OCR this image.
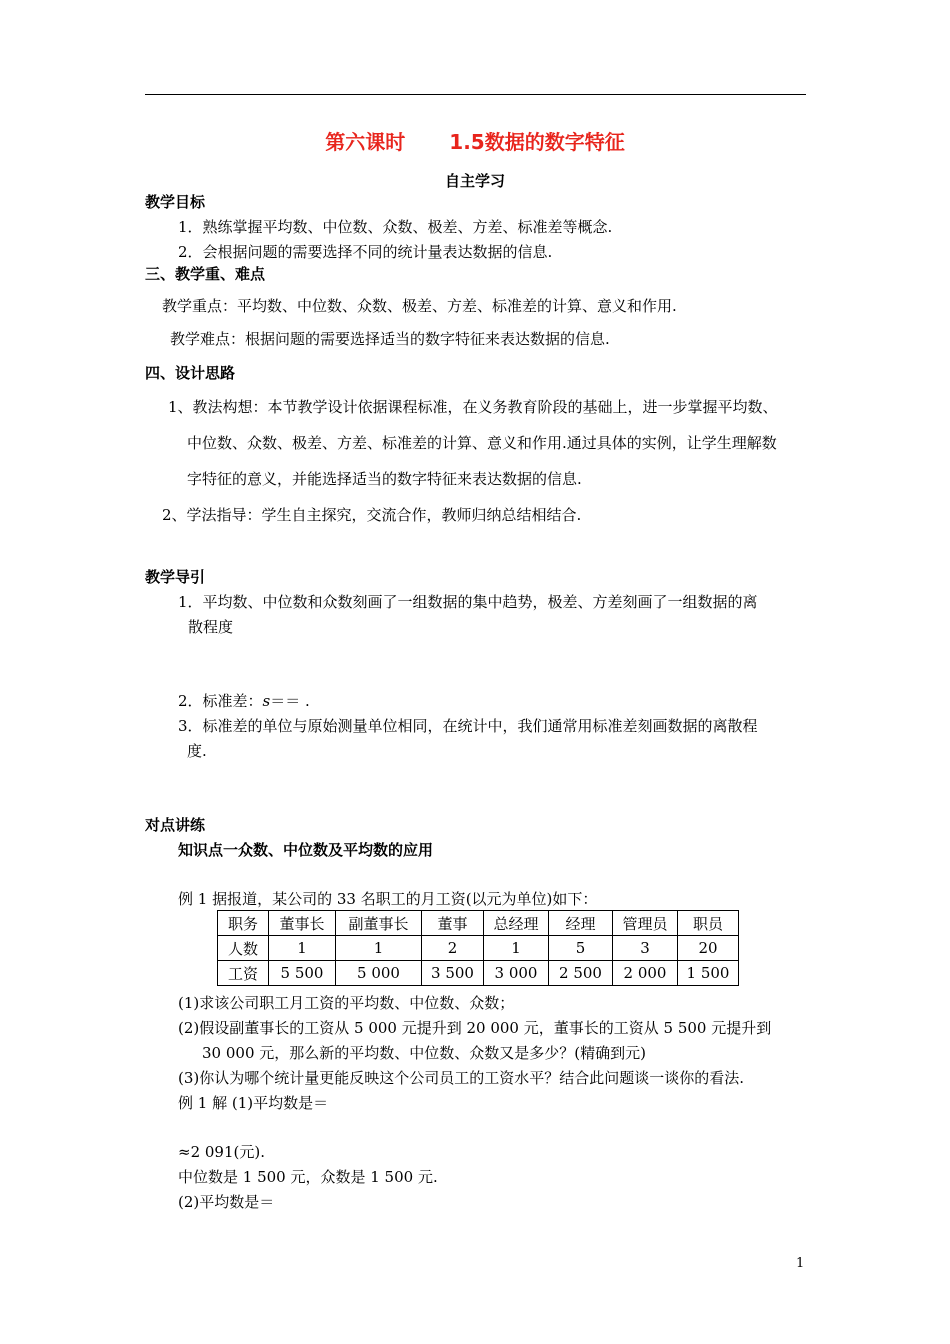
第六课时 1.5数据的数字特征
自主学习
教学目标
1．熟练掌握平均数、中位数、众数、极差、方差、标准差等概念.
2．会根据问题的需要选择不同的统计量表达数据的信息.
三、教学重、难点
教学重点：平均数、中位数、众数、极差、方差、标准差的计算、意义和作用.
教学难点：根据问题的需要选择适当的数字特征来表达数据的信息.
四、设计思路
1、教法构想：本节教学设计依据课程标准，在义务教育阶段的基础上，进一步掌握平均数、
中位数、众数、极差、方差、标准差的计算、意义和作用.通过具体的实例，让学生理解数
字特征的意义，并能选择适当的数字特征来表达数据的信息.
2、学法指导：学生自主探究，交流合作，教师归纳总结相结合.
教学导引
1．平均数、中位数和众数刻画了一组数据的集中趋势，极差、方差刻画了一组数据的离
散程度
2．标准差：s＝＝ .
3．标准差的单位与原始测量单位相同，在统计中，我们通常用标准差刻画数据的离散程
度.
对点讲练
知识点一众数、中位数及平均数的应用
例 1 据报道，某公司的 33 名职工的月工资(以元为单位)如下：
职务	董事长	副董事长	董事	总经理	经理	管理员	职员
人数	1	1	2	1	5	3	20
工资	5 500	5 000	3 500	3 000	2 500	2 000	1 500
(1)求该公司职工月工资的平均数、中位数、众数；
(2)假设副董事长的工资从 5 000 元提升到 20 000 元，董事长的工资从 5 500 元提升到
30 000 元，那么新的平均数、中位数、众数又是多少？(精确到元)
(3)你认为哪个统计量更能反映这个公司员工的工资水平？结合此问题谈一谈你的看法.
例 1 解 (1)平均数是＝
≈2 091(元).
中位数是 1 500 元，众数是 1 500 元.
(2)平均数是＝
1
